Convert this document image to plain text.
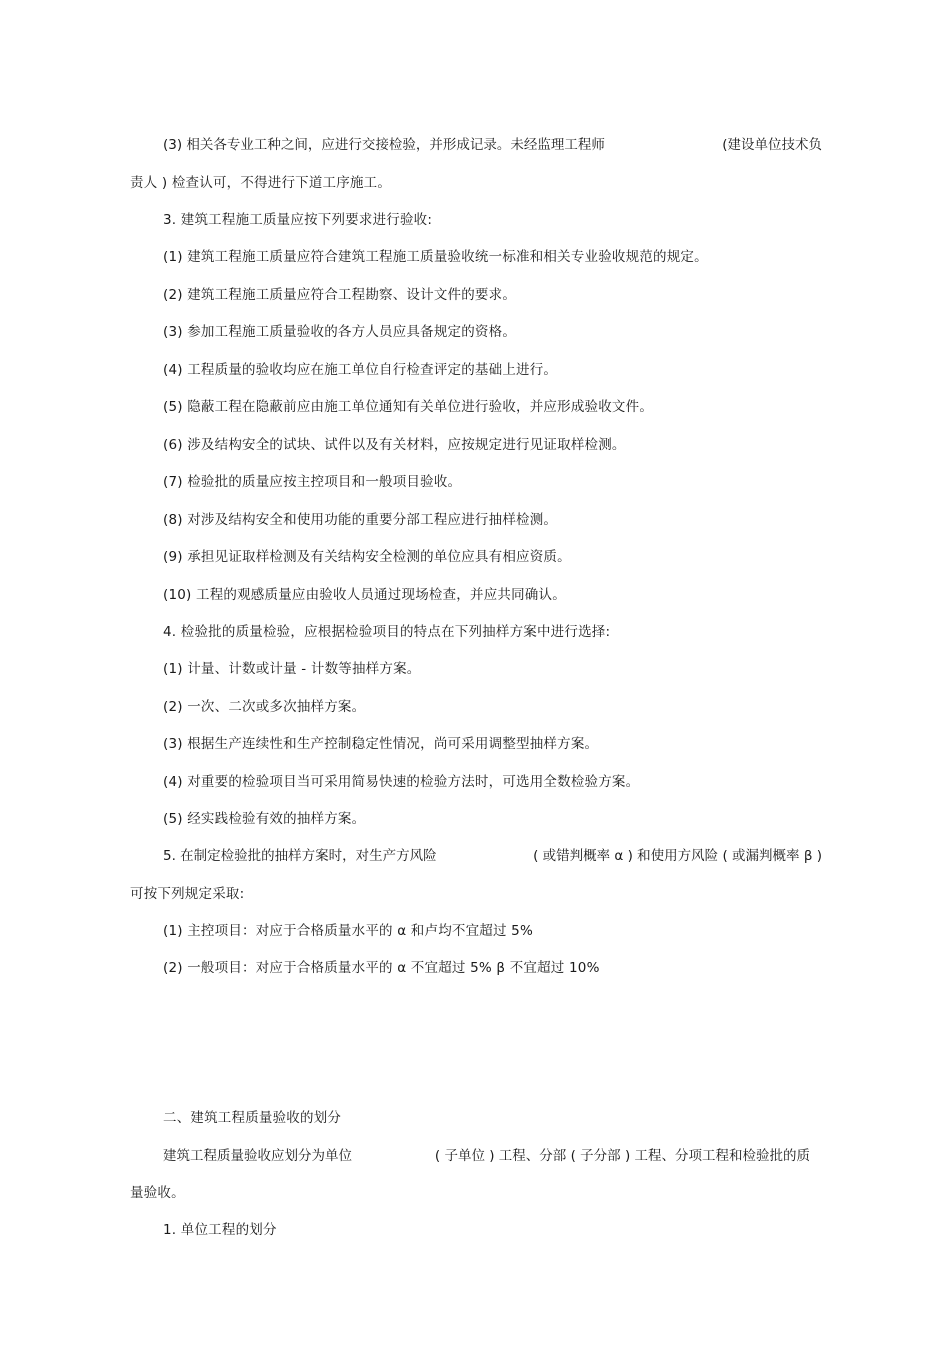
(3) 相关各专业工种之间，应进行交接检验，并形成记录。未经监理工程师	(建设单位技术负
责人 ) 检查认可，不得进行下道工序施工。
3. 建筑工程施工质量应按下列要求进行验收:
(1) 建筑工程施工质量应符合建筑工程施工质量验收统一标准和相关专业验收规范的规定。
(2) 建筑工程施工质量应符合工程勘察、设计文件的要求。
(3) 参加工程施工质量验收的各方人员应具备规定的资格。
(4) 工程质量的验收均应在施工单位自行检查评定的基础上进行。
(5) 隐蔽工程在隐蔽前应由施工单位通知有关单位进行验收，并应形成验收文件。
(6) 涉及结构安全的试块、试件以及有关材料，应按规定进行见证取样检测。
(7) 检验批的质量应按主控项目和一般项目验收。
(8) 对涉及结构安全和使用功能的重要分部工程应进行抽样检测。
(9) 承担见证取样检测及有关结构安全检测的单位应具有相应资质。
(10) 工程的观感质量应由验收人员通过现场检查，并应共同确认。
4. 检验批的质量检验，应根据检验项目的特点在下列抽样方案中进行选择:
(1) 计量、计数或计量 - 计数等抽样方案。
(2) 一次、二次或多次抽样方案。
(3) 根据生产连续性和生产控制稳定性情况，尚可采用调整型抽样方案。
(4) 对重要的检验项目当可采用简易快速的检验方法时，可选用全数检验方案。
(5) 经实践检验有效的抽样方案。
5. 在制定检验批的抽样方案时，对生产方风险	( 或错判概率 α ) 和使用方风险 ( 或漏判概率 β )
可按下列规定采取:
(1) 主控项目：对应于合格质量水平的 α 和卢均不宜超过 5%
(2) 一般项目：对应于合格质量水平的 α 不宜超过 5% β 不宜超过 10%
二、建筑工程质量验收的划分
建筑工程质量验收应划分为单位	( 子单位 ) 工程、分部 ( 子分部 ) 工程、分项工程和检验批的质
量验收。
1. 单位工程的划分
